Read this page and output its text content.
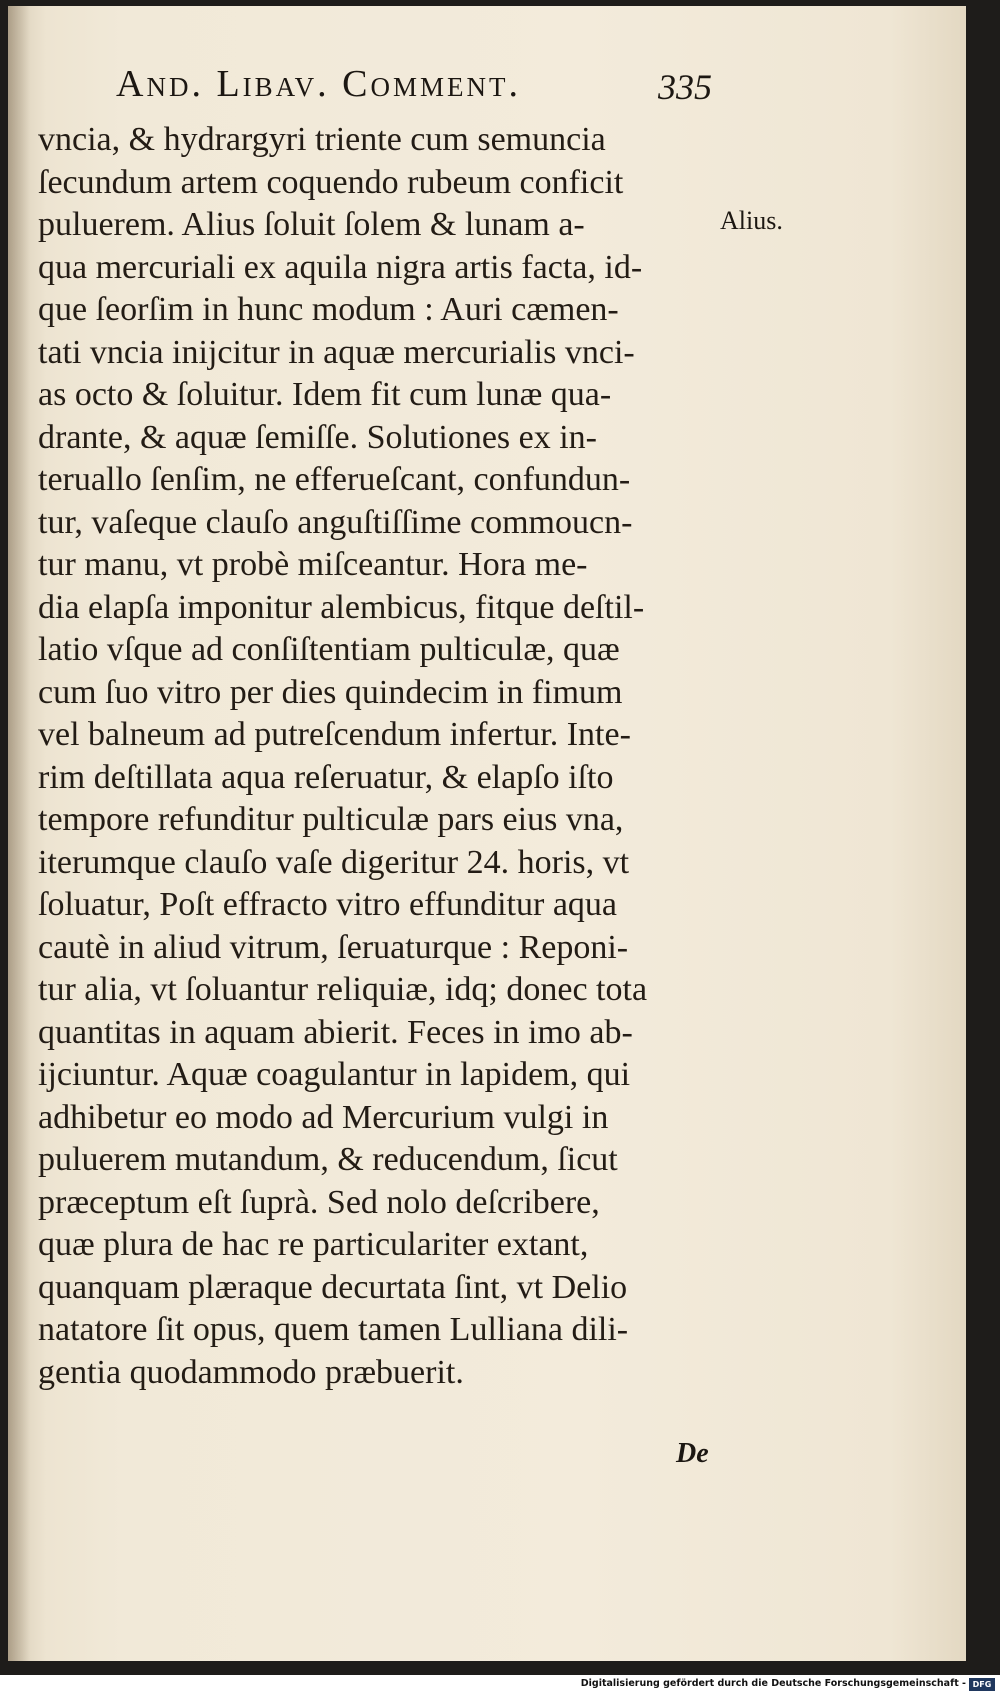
And. Libav. Comment.	335
Alius.
vncia, & hydrargyri triente cum semuncia
ſecundum artem coquendo rubeum conficit
puluerem. Alius ſoluit ſolem & lunam a-
qua mercuriali ex aquila nigra artis facta, id-
que ſeorſim in hunc modum : Auri cæmen-
tati vncia inijcitur in aquæ mercurialis vnci-
as octo & ſoluitur. Idem fit cum lunæ qua-
drante, & aquæ ſemiſſe. Solutiones ex in-
teruallo ſenſim, ne efferueſcant, confundun-
tur, vaſeque clauſo anguſtiſſime commoucn-
tur manu, vt probè miſceantur. Hora me-
dia elapſa imponitur alembicus, fitque deſtil-
latio vſque ad conſiſtentiam pulticulæ, quæ
cum ſuo vitro per dies quindecim in fimum
vel balneum ad putreſcendum infertur. Inte-
rim deſtillata aqua reſeruatur, & elapſo iſto
tempore refunditur pulticulæ pars eius vna,
iterumque clauſo vaſe digeritur 24. horis, vt
ſoluatur, Poſt effracto vitro effunditur aqua
cautè in aliud vitrum, ſeruaturque : Reponi-
tur alia, vt ſoluantur reliquiæ, idq; donec tota
quantitas in aquam abierit. Feces in imo ab-
ijciuntur. Aquæ coagulantur in lapidem, qui
adhibetur eo modo ad Mercurium vulgi in
puluerem mutandum, & reducendum, ſicut
præceptum eſt ſuprà. Sed nolo deſcribere,
quæ plura de hac re particulariter extant,
quanquam plæraque decurtata ſint, vt Delio
natatore ſit opus, quem tamen Lulliana dili-
gentia quodammodo præbuerit.
De
Digitalisierung gefördert durch die Deutsche Forschungsgemeinschaft - DFG
